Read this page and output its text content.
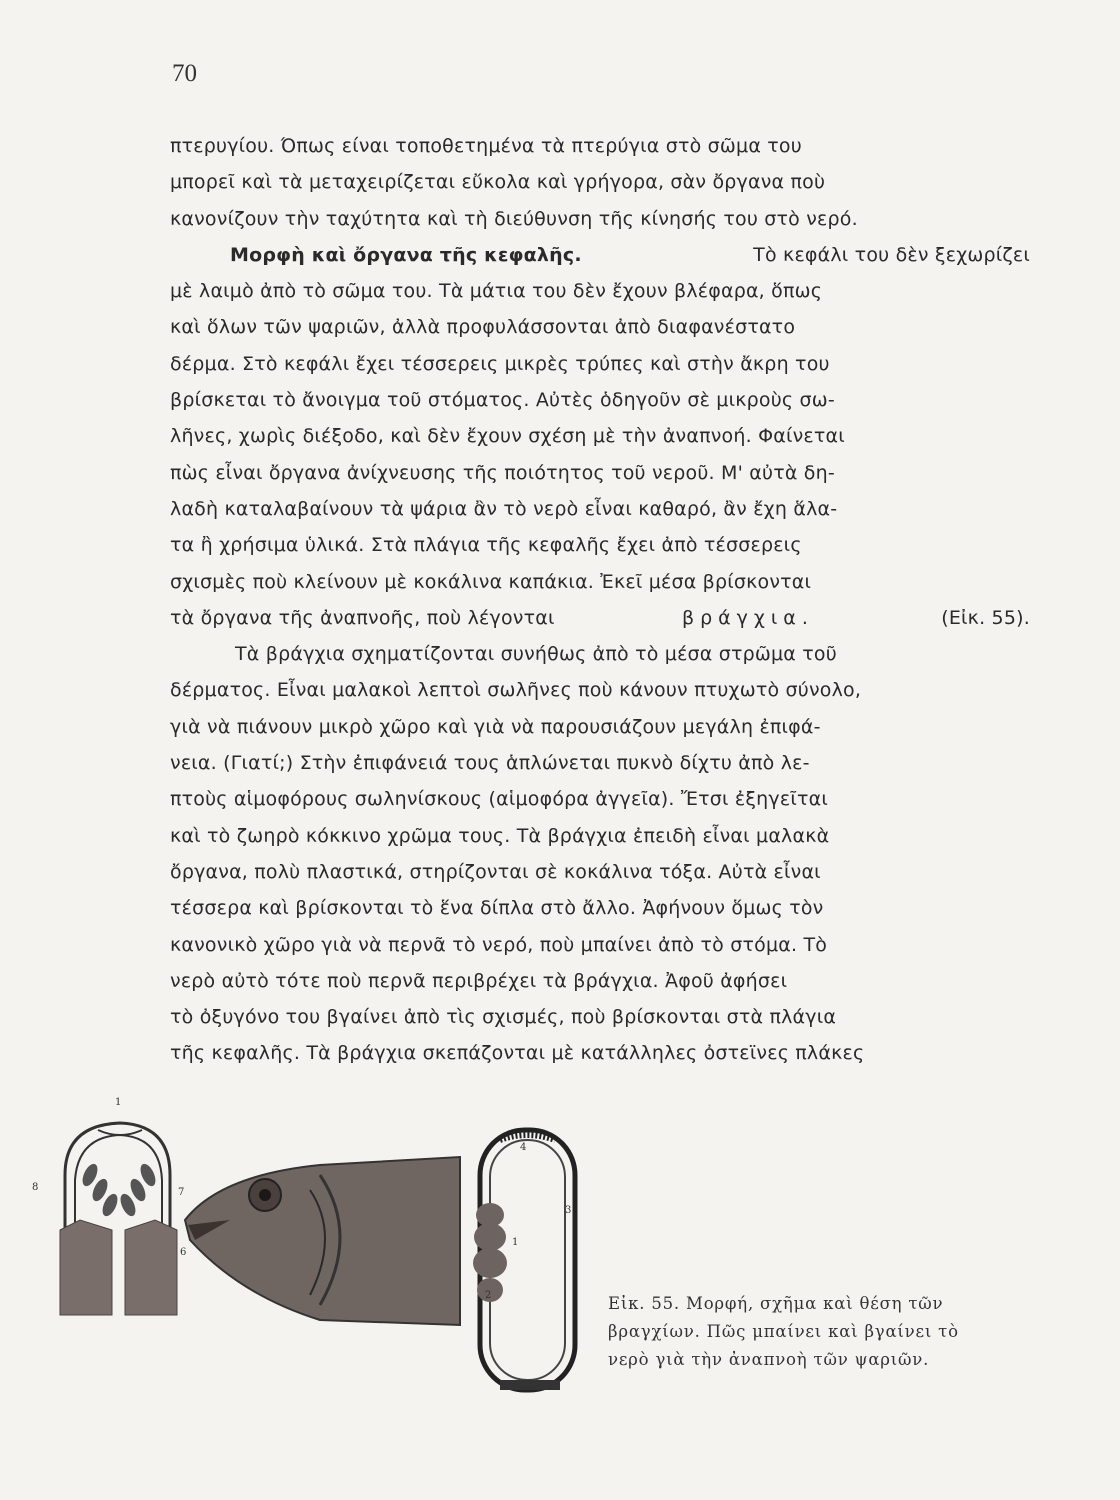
70
πτερυγίου. Όπως είναι τοποθετημένα τὰ πτερύγια στὸ σῶμα του
μπορεῖ καὶ τὰ μεταχειρίζεται εὔκολα καὶ γρήγορα, σὰν ὄργανα ποὺ
κανονίζουν τὴν ταχύτητα καὶ τὴ διεύθυνση τῆς κίνησής του στὸ νερό.
Μορφὴ καὶ ὄργανα τῆς κεφαλῆς.	Τὸ κεφάλι του δὲν ξεχωρίζει
μὲ λαιμὸ ἀπὸ τὸ σῶμα του. Τὰ μάτια του δὲν ἔχουν βλέφαρα, ὅπως
καὶ ὅλων τῶν ψαριῶν, ἀλλὰ προφυλάσσονται ἀπὸ διαφανέστατο
δέρμα. Στὸ κεφάλι ἔχει τέσσερεις μικρὲς τρύπες καὶ στὴν ἄκρη του
βρίσκεται τὸ ἄνοιγμα τοῦ στόματος. Αὐτὲς ὁδηγοῦν σὲ μικροὺς σω-
λῆνες, χωρὶς διέξοδο, καὶ δὲν ἔχουν σχέση μὲ τὴν ἀναπνοή. Φαίνεται
πὼς εἶναι ὄργανα ἀνίχνευσης τῆς ποιότητος τοῦ νεροῦ. Μ' αὐτὰ δη-
λαδὴ καταλαβαίνουν τὰ ψάρια ἂν τὸ νερὸ εἶναι καθαρό, ἂν ἔχη ἅλα-
τα ἢ χρήσιμα ὑλικά. Στὰ πλάγια τῆς κεφαλῆς ἔχει ἀπὸ τέσσερεις
σχισμὲς ποὺ κλείνουν μὲ κοκάλινα καπάκια. Ἐκεῖ μέσα βρίσκονται
τὰ ὄργανα τῆς ἀναπνοῆς, ποὺ λέγονται	βράγχια.	(Εἰκ. 55).
Τὰ βράγχια σχηματίζονται συνήθως ἀπὸ τὸ μέσα στρῶμα τοῦ
δέρματος. Εἶναι μαλακοὶ λεπτοὶ σωλῆνες ποὺ κάνουν πτυχωτὸ σύνολο,
γιὰ νὰ πιάνουν μικρὸ χῶρο καὶ γιὰ νὰ παρουσιάζουν μεγάλη ἐπιφά-
νεια. (Γιατί;) Στὴν ἐπιφάνειά τους ἁπλώνεται πυκνὸ δίχτυ ἀπὸ λε-
πτοὺς αἱμοφόρους σωληνίσκους (αἱμοφόρα ἀγγεῖα). Ἔτσι ἐξηγεῖται
καὶ τὸ ζωηρὸ κόκκινο χρῶμα τους. Τὰ βράγχια ἐπειδὴ εἶναι μαλακὰ
ὄργανα, πολὺ πλαστικά, στηρίζονται σὲ κοκάλινα τόξα. Αὐτὰ εἶναι
τέσσερα καὶ βρίσκονται τὸ ἕνα δίπλα στὸ ἄλλο. Ἀφήνουν ὅμως τὸν
κανονικὸ χῶρο γιὰ νὰ περνᾶ τὸ νερό, ποὺ μπαίνει ἀπὸ τὸ στόμα. Τὸ
νερὸ αὐτὸ τότε ποὺ περνᾶ περιβρέχει τὰ βράγχια. Ἀφοῦ ἀφήσει
τὸ ὀξυγόνο του βγαίνει ἀπὸ τὶς σχισμές, ποὺ βρίσκονται στὰ πλάγια
τῆς κεφαλῆς. Τὰ βράγχια σκεπάζονται μὲ κατάλληλες ὀστεϊνες πλάκες
1
8	7
6
4
1
3
2	Εἰκ. 55. Μορφή, σχῆμα καὶ θέση τῶν
βραγχίων. Πῶς μπαίνει καὶ βγαίνει τὸ
νερὸ γιὰ τὴν ἀναπνοὴ τῶν ψαριῶν.
